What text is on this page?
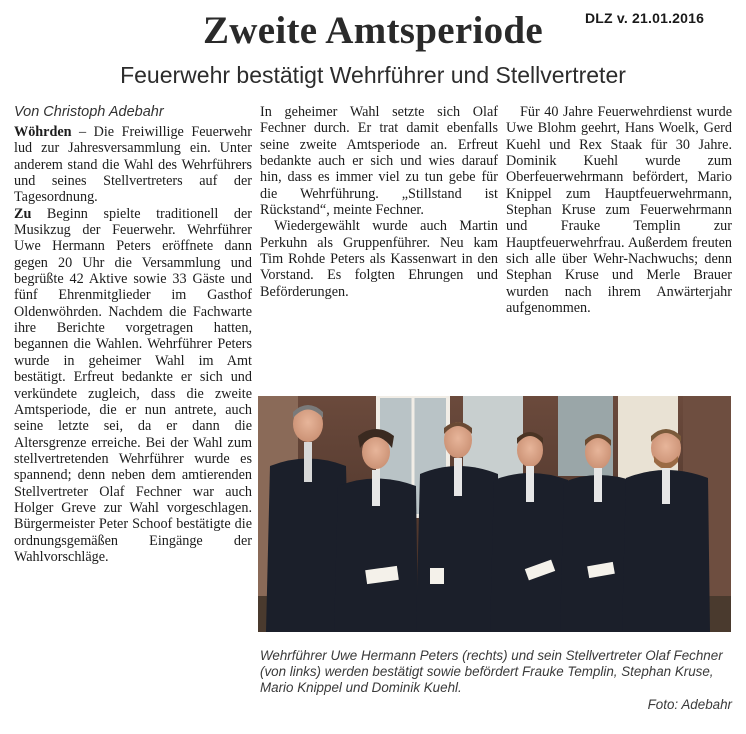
DLZ v. 21.01.2016
Zweite Amtsperiode
Feuerwehr bestätigt Wehrführer und Stellvertreter
Von Christoph Adebahr

Wöhrden – Die Freiwillige Feuerwehr lud zur Jahresversammlung ein. Unter anderem stand die Wahl des Wehrführers und seines Stellvertreters auf der Tagesordnung.

Zu Beginn spielte traditionell der Musikzug der Feuerwehr. Wehrführer Uwe Hermann Peters eröffnete dann gegen 20 Uhr die Versammlung und begrüßte 42 Aktive sowie 33 Gäste und fünf Ehrenmitglieder im Gasthof Oldenwöhrden. Nachdem die Fachwarte ihre Berichte vorgetragen hatten, begannen die Wahlen. Wehrführer Peters wurde in geheimer Wahl im Amt bestätigt. Erfreut bedankte er sich und verkündete zugleich, dass die zweite Amtsperiode, die er nun antrete, auch seine letzte sei, da er dann die Altersgrenze erreiche. Bei der Wahl zum stellvertretenden Wehrführer wurde es spannend; denn neben dem amtierenden Stellvertreter Olaf Fechner war auch Holger Greve zur Wahl vorgeschlagen. Bürgermeister Peter Schoof bestätigte die ordnungsgemäßen Eingänge der Wahlvorschläge.

In geheimer Wahl setzte sich Olaf Fechner durch. Er trat damit ebenfalls seine zweite Amtsperiode an. Erfreut bedankte auch er sich und wies darauf hin, dass es immer viel zu tun gebe für die Wehrführung. „Stillstand ist Rückstand“, meinte Fechner.

Wiedergewählt wurde auch Martin Perkuhn als Gruppenführer. Neu kam Tim Rohde Peters als Kassenwart in den Vorstand. Es folgten Ehrungen und Beförderungen.

Für 40 Jahre Feuerwehrdienst wurde Uwe Blohm geehrt, Hans Woelk, Gerd Kuehl und Rex Staak für 30 Jahre. Dominik Kuehl wurde zum Oberfeuerwehrmann befördert, Mario Knippel zum Hauptfeuerwehrmann, Stephan Kruse zum Feuerwehrmann und Frauke Templin zur Hauptfeuerwehrfrau. Außerdem freuten sich alle über Wehr-Nachwuchs; denn Stephan Kruse und Merle Brauer wurden nach ihrem Anwärterjahr aufgenommen.

Wehrführer Uwe Hermann Peters (rechts) und sein Stellvertreter Olaf Fechner (von links) werden bestätigt sowie befördert Frauke Templin, Stephan Kruse, Mario Knippel und Dominik Kuehl.
Foto: Adebahr
